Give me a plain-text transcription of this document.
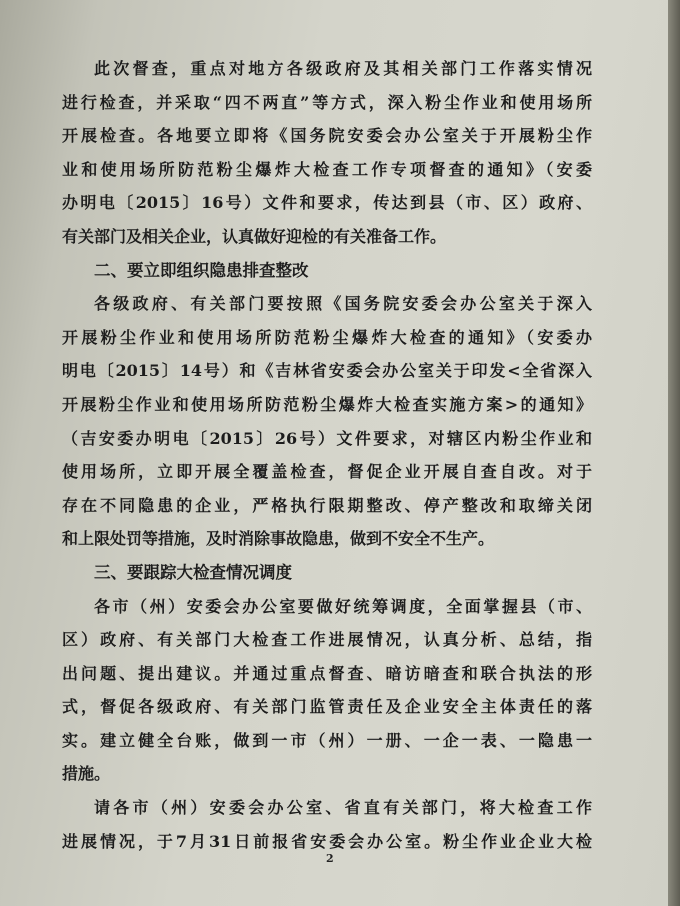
此次督查，重点对地方各级政府及其相关部门工作落实情况
进行检查，并采取“四不两直”等方式，深入粉尘作业和使用场所
开展检查。各地要立即将《国务院安委会办公室关于开展粉尘作
业和使用场所防范粉尘爆炸大检查工作专项督查的通知》（安委
办明电〔2015〕16号）文件和要求，传达到县（市、区）政府、
有关部门及相关企业，认真做好迎检的有关准备工作。
二、要立即组织隐患排查整改
各级政府、有关部门要按照《国务院安委会办公室关于深入
开展粉尘作业和使用场所防范粉尘爆炸大检查的通知》（安委办
明电〔2015〕14号）和《吉林省安委会办公室关于印发<全省深入
开展粉尘作业和使用场所防范粉尘爆炸大检查实施方案>的通知》
（吉安委办明电〔2015〕26号）文件要求，对辖区内粉尘作业和
使用场所，立即开展全覆盖检查，督促企业开展自查自改。对于
存在不同隐患的企业，严格执行限期整改、停产整改和取缔关闭
和上限处罚等措施，及时消除事故隐患，做到不安全不生产。
三、要跟踪大检查情况调度
各市（州）安委会办公室要做好统筹调度，全面掌握县（市、
区）政府、有关部门大检查工作进展情况，认真分析、总结，指
出问题、提出建议。并通过重点督查、暗访暗查和联合执法的形
式，督促各级政府、有关部门监管责任及企业安全主体责任的落
实。建立健全台账，做到一市（州）一册、一企一表、一隐患一
措施。
请各市（州）安委会办公室、省直有关部门，将大检查工作
进展情况，于7月31日前报省安委会办公室。粉尘作业企业大检
2
